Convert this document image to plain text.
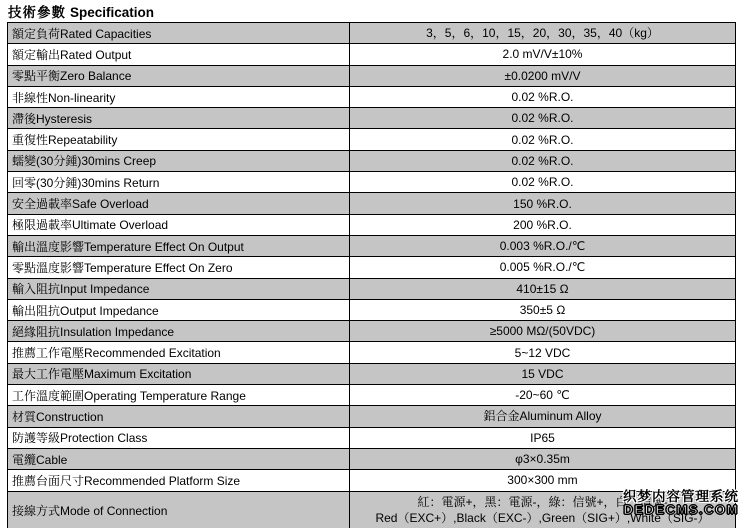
技術參數 Specification
額定負荷Rated Capacities	3，5，6，10，15，20，30，35，40（kg）

額定輸出Rated Output	2.0 mV/V±10%

零點平衡Zero Balance	±0.0200 mV/V

非線性Non-linearity	0.02 %R.O.

滯後Hysteresis	0.02 %R.O.

重復性Repeatability	0.02 %R.O.

蠕變(30分鍾)30mins Creep	0.02 %R.O.

回零(30分鍾)30mins Return	0.02 %R.O.

安全過載率Safe Overload	150 %R.O.

極限過載率Ultimate Overload	200 %R.O.

輸出溫度影響Temperature Effect On Output	0.003 %R.O./℃

零點溫度影響Temperature Effect On Zero	0.005 %R.O./℃

輸入阻抗Input Impedance	410±15 Ω

輸出阻抗Output Impedance	350±5 Ω

絕緣阻抗Insulation Impedance	≥5000 MΩ/(50VDC)

推薦工作電壓Recommended Excitation	5~12 VDC

最大工作電壓Maximum Excitation	15 VDC

工作溫度範圍Operating Temperature Range	-20~60 ℃

材質Construction	鋁合金Aluminum Alloy

防護等級Protection Class	IP65

電纜Cable	φ3×0.35m

推薦台面尺寸Recommended Platform Size	300×300 mm

接線方式Mode of Connection	紅：電源+，黑：電源-，綠：信號+，白：信號-
Red（EXC+）,Black（EXC-）,Green（SIG+）,White（SIG-）
织梦内容管理系统
DEDECMS.COM
